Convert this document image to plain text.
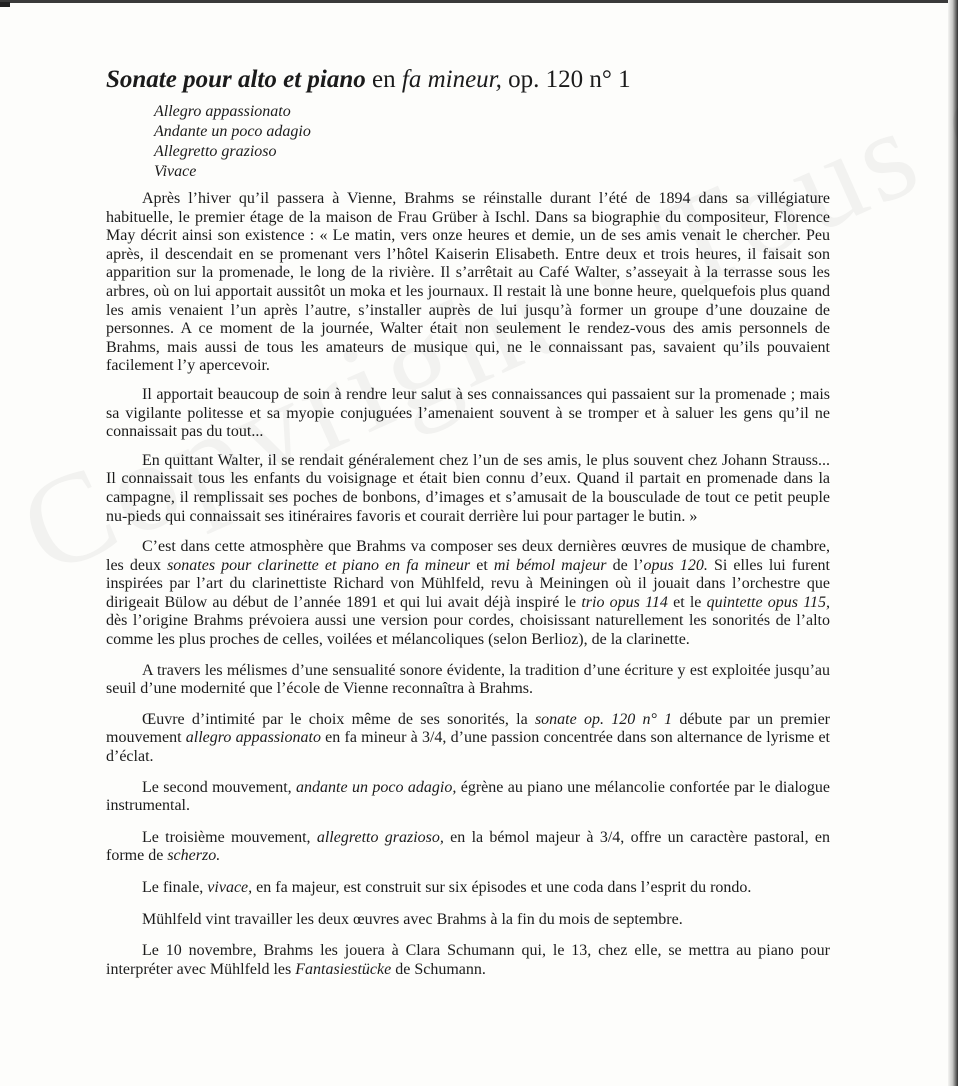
Sonate pour alto et piano en fa mineur, op. 120 n° 1
Allegro appassionato
Andante un poco adagio
Allegretto grazioso
Vivace

Après l’hiver qu’il passera à Vienne, Brahms se réinstalle durant l’été de 1894 dans sa villégiature habituelle, le premier étage de la maison de Frau Grüber à Ischl. Dans sa biographie du compositeur, Florence May décrit ainsi son existence : « Le matin, vers onze heures et demie, un de ses amis venait le chercher. Peu après, il descendait en se promenant vers l’hôtel Kaiserin Elisabeth. Entre deux et trois heures, il faisait son apparition sur la promenade, le long de la rivière. Il s’arrêtait au Café Walter, s’asseyait à la terrasse sous les arbres, où on lui apportait aussitôt un moka et les journaux. Il restait là une bonne heure, quelquefois plus quand les amis venaient l’un après l’autre, s’installer auprès de lui jusqu’à former un groupe d’une douzaine de personnes. A ce moment de la journée, Walter était non seulement le rendez-vous des amis personnels de Brahms, mais aussi de tous les amateurs de musique qui, ne le connaissant pas, savaient qu’ils pouvaient facilement l’y apercevoir.

Il apportait beaucoup de soin à rendre leur salut à ses connaissances qui passaient sur la promenade ; mais sa vigilante politesse et sa myopie conjuguées l’amenaient souvent à se tromper et à saluer les gens qu’il ne connaissait pas du tout...

En quittant Walter, il se rendait généralement chez l’un de ses amis, le plus souvent chez Johann Strauss... Il connaissait tous les enfants du voisignage et était bien connu d’eux. Quand il partait en promenade dans la campagne, il remplissait ses poches de bonbons, d’images et s’amusait de la bousculade de tout ce petit peuple nu-pieds qui connaissait ses itinéraires favoris et courait derrière lui pour partager le butin. »

C’est dans cette atmosphère que Brahms va composer ses deux dernières œuvres de musique de chambre, les deux sonates pour clarinette et piano en fa mineur et mi bémol majeur de l’opus 120. Si elles lui furent inspirées par l’art du clarinettiste Richard von Mühlfeld, revu à Meiningen où il jouait dans l’orchestre que dirigeait Bülow au début de l’année 1891 et qui lui avait déjà inspiré le trio opus 114 et le quintette opus 115, dès l’origine Brahms prévoiera aussi une version pour cordes, choisissant naturellement les sonorités de l’alto comme les plus proches de celles, voilées et mélancoliques (selon Berlioz), de la clarinette.

A travers les mélismes d’une sensualité sonore évidente, la tradition d’une écriture y est exploitée jusqu’au seuil d’une modernité que l’école de Vienne reconnaîtra à Brahms.

Œuvre d’intimité par le choix même de ses sonorités, la sonate op. 120 n° 1 débute par un premier mouvement allegro appassionato en fa mineur à 3/4, d’une passion concentrée dans son alternance de lyrisme et d’éclat.

Le second mouvement, andante un poco adagio, égrène au piano une mélancolie confortée par le dialogue instrumental.

Le troisième mouvement, allegretto grazioso, en la bémol majeur à 3/4, offre un caractère pastoral, en forme de scherzo.

Le finale, vivace, en fa majeur, est construit sur six épisodes et une coda dans l’esprit du rondo.

Mühlfeld vint travailler les deux œuvres avec Brahms à la fin du mois de septembre.

Le 10 novembre, Brahms les jouera à Clara Schumann qui, le 13, chez elle, se mettra au piano pour interpréter avec Mühlfeld les Fantasiestücke de Schumann.
